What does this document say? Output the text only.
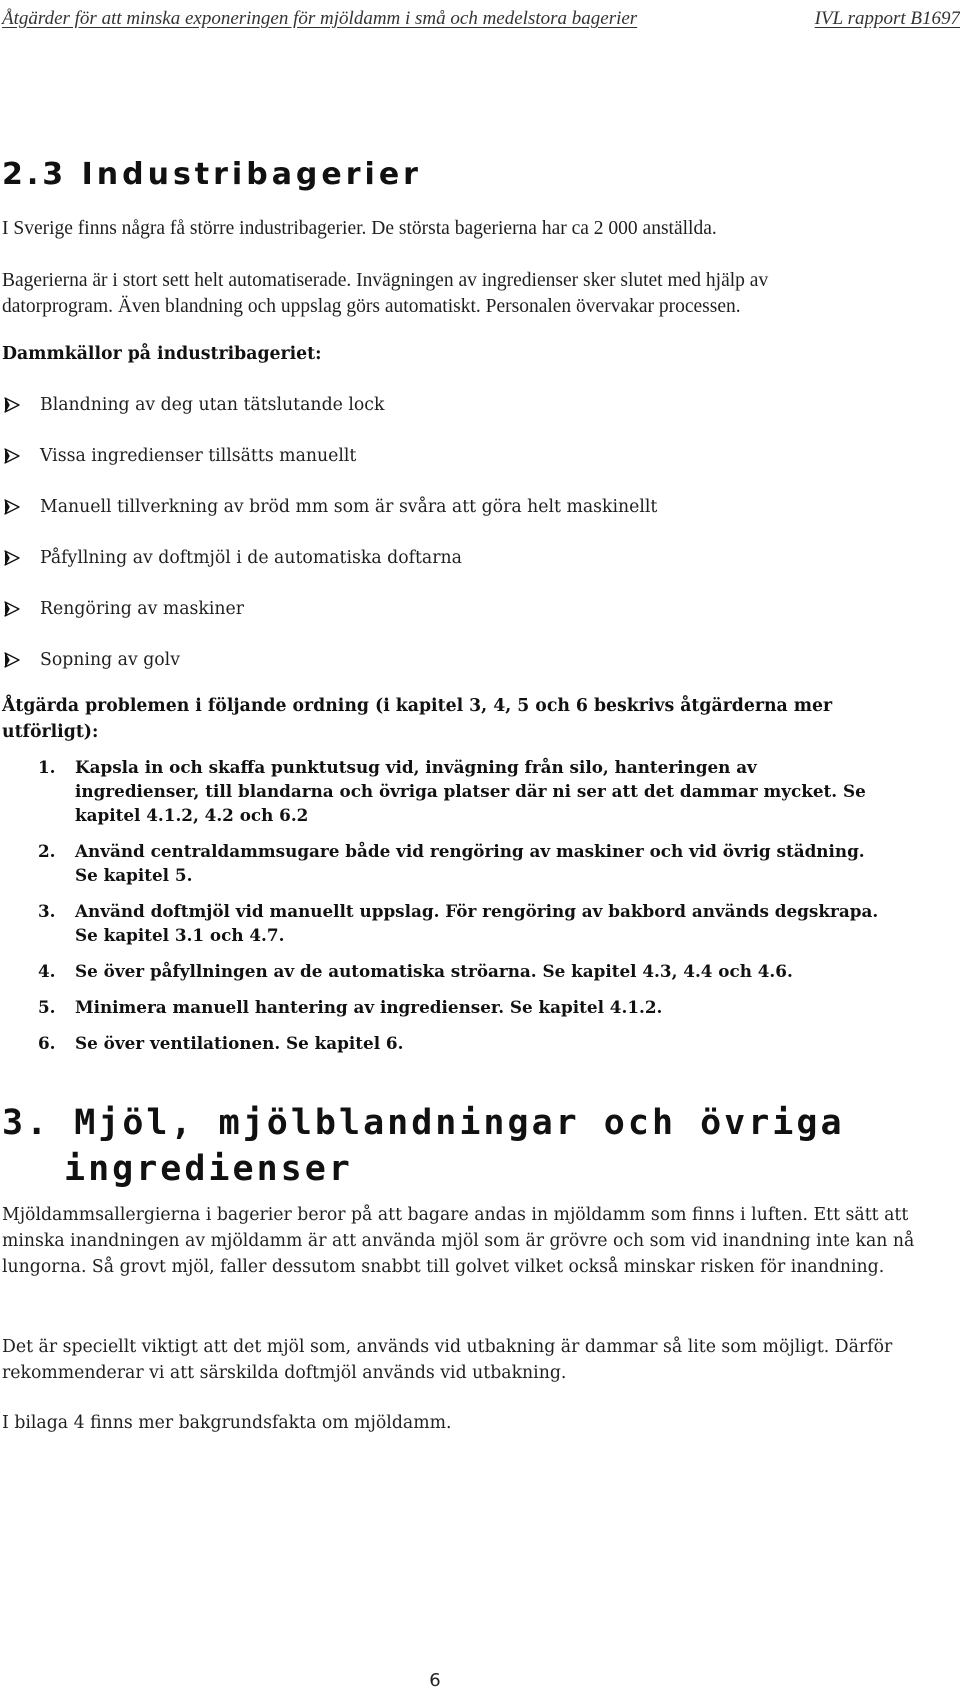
Åtgärder för att minska exponeringen för mjöldamm i små och medelstora bagerier	IVL rapport B1697
2.3 Industribagerier

I Sverige finns några få större industribagerier. De största bagerierna har ca 2 000 anställda.

Bagerierna är i stort sett helt automatiserade. Invägningen av ingredienser sker slutet med hjälp av
datorprogram. Även blandning och uppslag görs automatiskt. Personalen övervakar processen.

Dammkällor på industribageriet:

Blandning av deg utan tätslutande lock
Vissa ingredienser tillsätts manuellt
Manuell tillverkning av bröd mm som är svåra att göra helt maskinellt
Påfyllning av doftmjöl i de automatiska doftarna
Rengöring av maskiner
Sopning av golv

Åtgärda problemen i följande ordning (i kapitel 3, 4, 5 och 6 beskrivs åtgärderna mer utförligt):

1. Kapsla in och skaffa punktutsug vid, invägning från silo, hanteringen av ingredienser, till blandarna och övriga platser där ni ser att det dammar mycket. Se kapitel 4.1.2, 4.2 och 6.2
2. Använd centraldammsugare både vid rengöring av maskiner och vid övrig städning. Se kapitel 5.
3. Använd doftmjöl vid manuellt uppslag. För rengöring av bakbord används degskrapa. Se kapitel 3.1 och 4.7.
4. Se över påfyllningen av de automatiska ströarna. Se kapitel 4.3, 4.4 och 4.6.
5. Minimera manuell hantering av ingredienser. Se kapitel 4.1.2.
6. Se över ventilationen. Se kapitel 6.
3. Mjöl, mjölblandningar och övriga
ingredienser

Mjöldammsallergierna i bagerier beror på att bagare andas in mjöldamm som finns i luften. Ett sätt att minska inandningen av mjöldamm är att använda mjöl som är grövre och som vid inandning inte kan nå lungorna. Så grovt mjöl, faller dessutom snabbt till golvet vilket också minskar risken för inandning.

Det är speciellt viktigt att det mjöl som, används vid utbakning är dammar så lite som möjligt. Därför rekommenderar vi att särskilda doftmjöl används vid utbakning.

I bilaga 4 finns mer bakgrundsfakta om mjöldamm.

6
